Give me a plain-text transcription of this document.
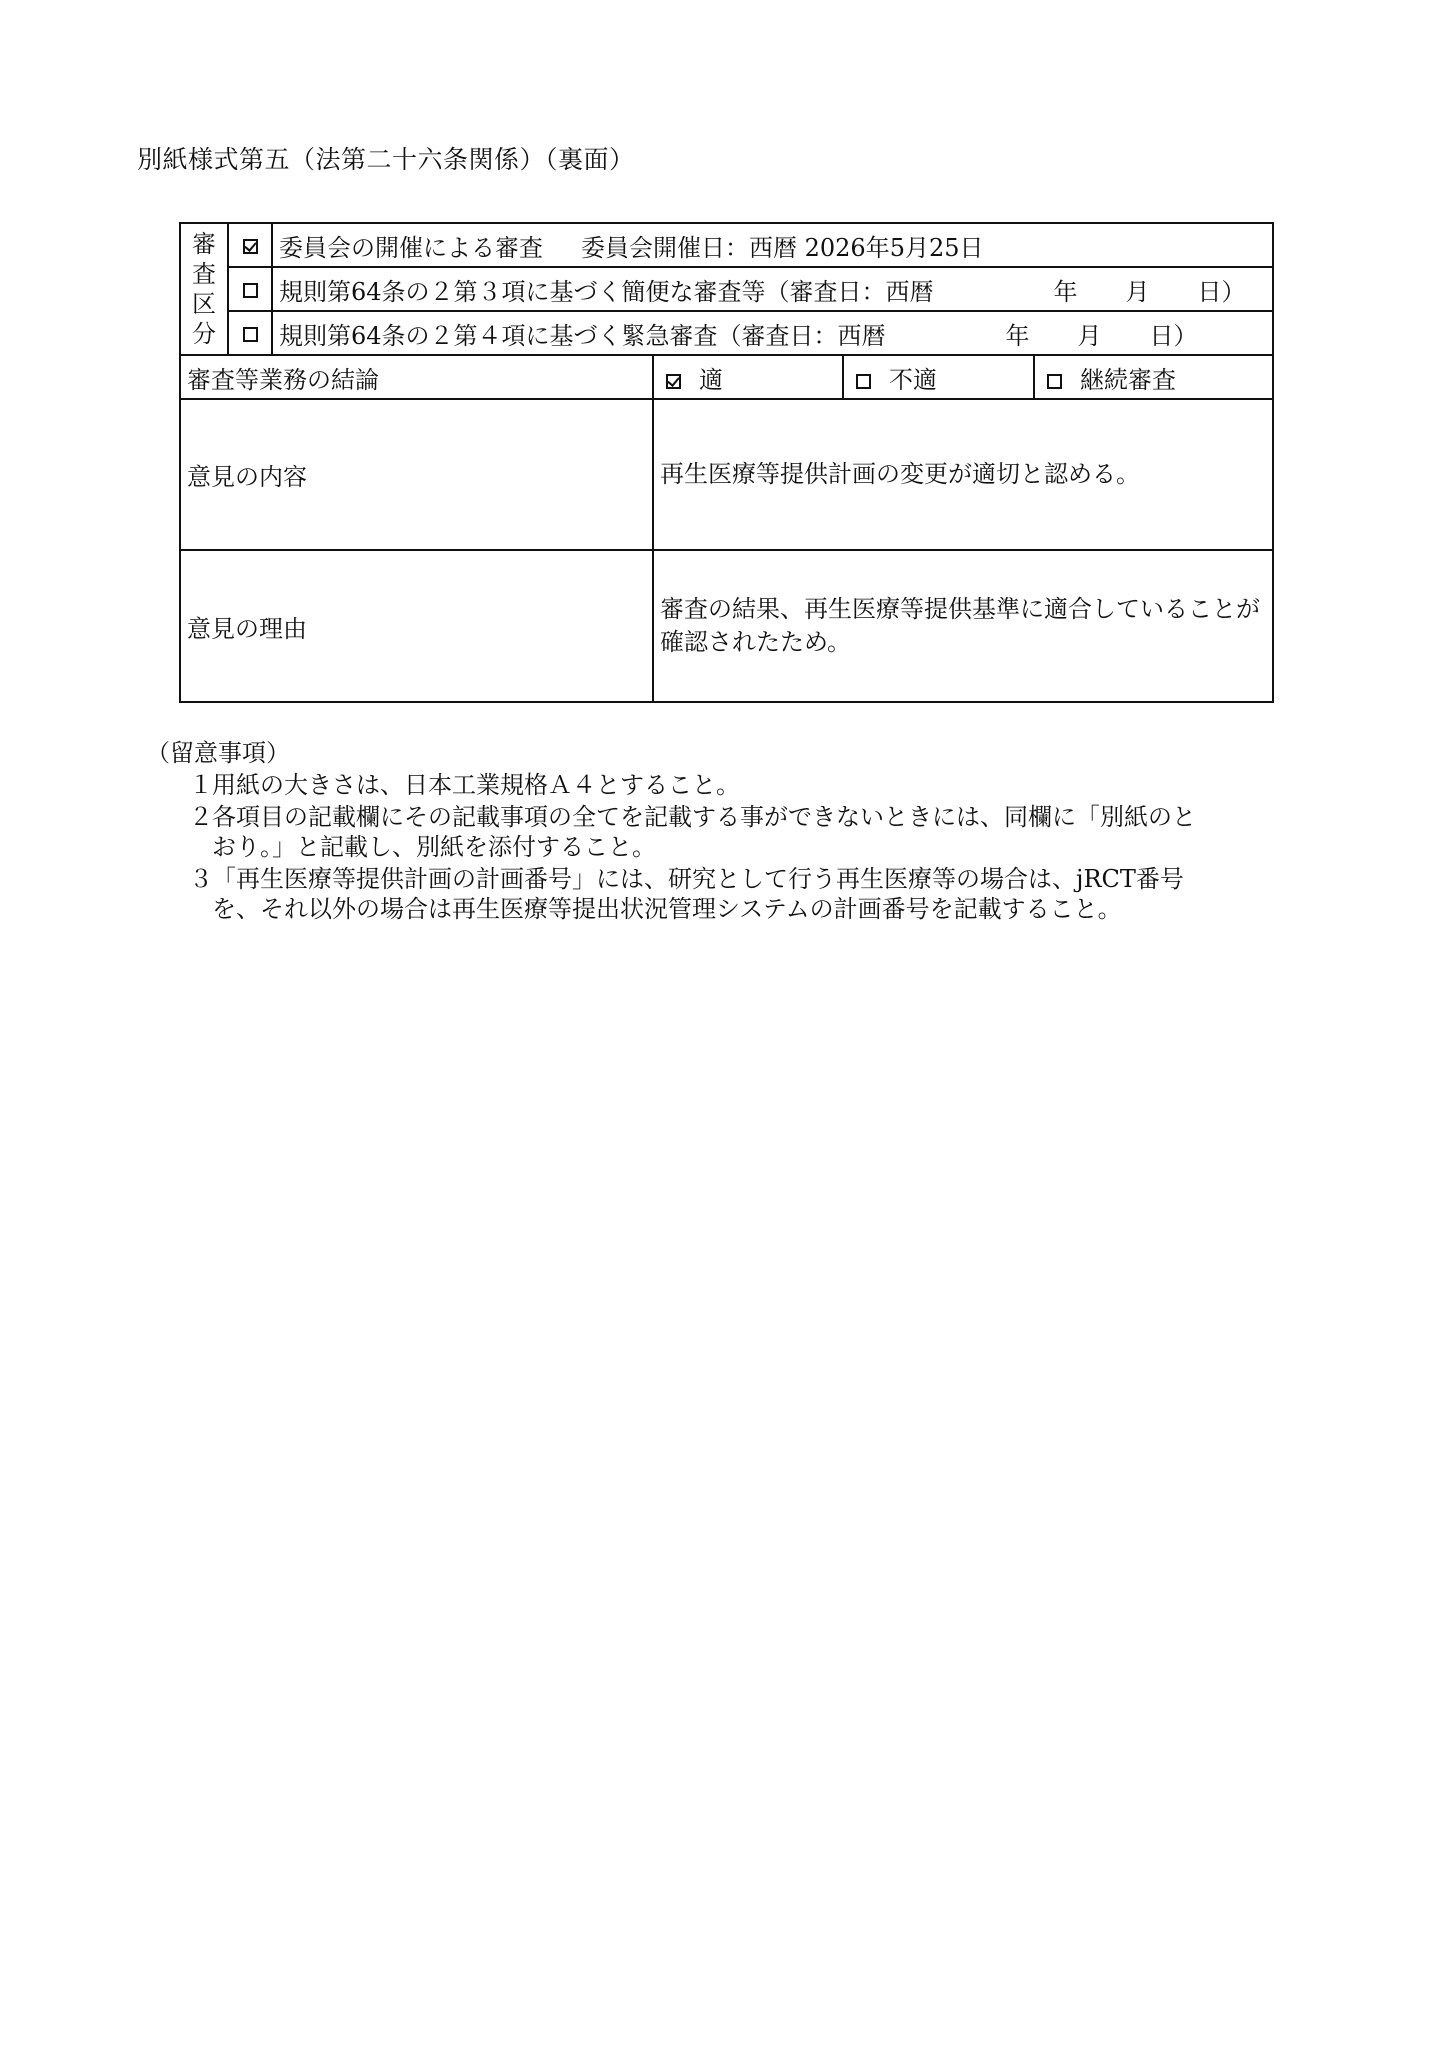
別紙様式第五（法第二十六条関係）（裏面）
審
査
区
分		委員会の開催による審査 委員会開催日：西暦 2026年5月25日			
		規則第64条の２第３項に基づく簡便な審査等（審査日：西暦　　　　　年　　月　　日）			
		規則第64条の２第４項に基づく緊急審査（審査日：西暦　　　　　年　　月　　日）			
審査等業務の結論			適	不適	継続審査
意見の内容			再生医療等提供計画の変更が適切と認める。		
意見の理由			審査の結果、再生医療等提供基準に適合していることが確認されたため。		
（留意事項）
１ 用紙の大きさは、日本工業規格Ａ４とすること。
２ 各項目の記載欄にその記載事項の全てを記載する事ができないときには、同欄に「別紙のとおり。」と記載し、別紙を添付すること。
３ 「再生医療等提供計画の計画番号」には、研究として行う再生医療等の場合は、jRCT番号を、それ以外の場合は再生医療等提出状況管理システムの計画番号を記載すること。
